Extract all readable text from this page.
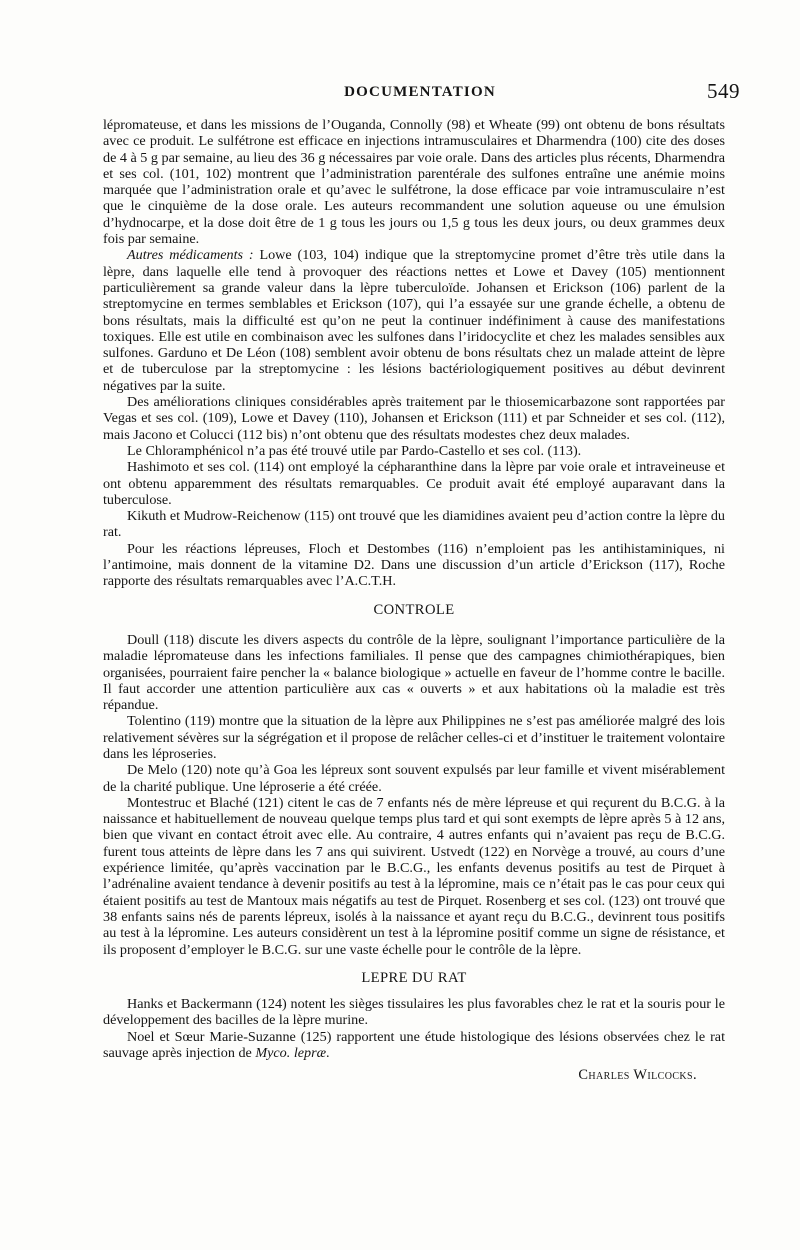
DOCUMENTATION	549

lépromateuse, et dans les missions de l’Ouganda, Connolly (98) et Wheate (99) ont obtenu de bons résultats avec ce produit. Le sulfétrone est efficace en injections intramusculaires et Dharmendra (100) cite des doses de 4 à 5 g par semaine, au lieu des 36 g nécessaires par voie orale. Dans des articles plus récents, Dharmendra et ses col. (101, 102) montrent que l’administration parentérale des sulfones entraîne une anémie moins marquée que l’administration orale et qu’avec le sulfétrone, la dose efficace par voie intramusculaire n’est que le cinquième de la dose orale. Les auteurs recommandent une solution aqueuse ou une émulsion d’hydnocarpe, et la dose doit être de 1 g tous les jours ou 1,5 g tous les deux jours, ou deux grammes deux fois par semaine.

Autres médicaments : Lowe (103, 104) indique que la streptomycine promet d’être très utile dans la lèpre, dans laquelle elle tend à provoquer des réactions nettes et Lowe et Davey (105) mentionnent particulièrement sa grande valeur dans la lèpre tuberculoïde. Johansen et Erickson (106) parlent de la streptomycine en termes semblables et Erickson (107), qui l’a essayée sur une grande échelle, a obtenu de bons résultats, mais la difficulté est qu’on ne peut la continuer indéfiniment à cause des manifestations toxiques. Elle est utile en combinaison avec les sulfones dans l’iridocyclite et chez les malades sensibles aux sulfones. Garduno et De Léon (108) semblent avoir obtenu de bons résultats chez un malade atteint de lèpre et de tuberculose par la streptomycine : les lésions bactériologiquement positives au début devinrent négatives par la suite.

Des améliorations cliniques considérables après traitement par le thiosemicarbazone sont rapportées par Vegas et ses col. (109), Lowe et Davey (110), Johansen et Erickson (111) et par Schneider et ses col. (112), mais Jacono et Colucci (112 bis) n’ont obtenu que des résultats modestes chez deux malades.

Le Chloramphénicol n’a pas été trouvé utile par Pardo-Castello et ses col. (113).

Hashimoto et ses col. (114) ont employé la cépharanthine dans la lèpre par voie orale et intraveineuse et ont obtenu apparemment des résultats remarquables. Ce produit avait été employé auparavant dans la tuberculose.

Kikuth et Mudrow-Reichenow (115) ont trouvé que les diamidines avaient peu d’action contre la lèpre du rat.

Pour les réactions lépreuses, Floch et Destombes (116) n’emploient pas les antihistaminiques, ni l’antimoine, mais donnent de la vitamine D2. Dans une discussion d’un article d’Erickson (117), Roche rapporte des résultats remarquables avec l’A.C.T.H.

CONTROLE

Doull (118) discute les divers aspects du contrôle de la lèpre, soulignant l’importance particulière de la maladie lépromateuse dans les infections familiales. Il pense que des campagnes chimiothérapiques, bien organisées, pourraient faire pencher la « balance biologique » actuelle en faveur de l’homme contre le bacille. Il faut accorder une attention particulière aux cas « ouverts » et aux habitations où la maladie est très répandue.

Tolentino (119) montre que la situation de la lèpre aux Philippines ne s’est pas améliorée malgré des lois relativement sévères sur la ségrégation et il propose de relâcher celles-ci et d’instituer le traitement volontaire dans les léproseries.

De Melo (120) note qu’à Goa les lépreux sont souvent expulsés par leur famille et vivent misérablement de la charité publique. Une léproserie a été créée.

Montestruc et Blaché (121) citent le cas de 7 enfants nés de mère lépreuse et qui reçurent du B.C.G. à la naissance et habituellement de nouveau quelque temps plus tard et qui sont exempts de lèpre après 5 à 12 ans, bien que vivant en contact étroit avec elle. Au contraire, 4 autres enfants qui n’avaient pas reçu de B.C.G. furent tous atteints de lèpre dans les 7 ans qui suivirent. Ustvedt (122) en Norvège a trouvé, au cours d’une expérience limitée, qu’après vaccination par le B.C.G., les enfants devenus positifs au test de Pirquet à l’adrénaline avaient tendance à devenir positifs au test à la lépromine, mais ce n’était pas le cas pour ceux qui étaient positifs au test de Mantoux mais négatifs au test de Pirquet. Rosenberg et ses col. (123) ont trouvé que 38 enfants sains nés de parents lépreux, isolés à la naissance et ayant reçu du B.C.G., devinrent tous positifs au test à la lépromine. Les auteurs considèrent un test à la lépromine positif comme un signe de résistance, et ils proposent d’employer le B.C.G. sur une vaste échelle pour le contrôle de la lèpre.

LEPRE DU RAT

Hanks et Backermann (124) notent les sièges tissulaires les plus favorables chez le rat et la souris pour le développement des bacilles de la lèpre murine.

Noel et Sœur Marie-Suzanne (125) rapportent une étude histologique des lésions observées chez le rat sauvage après injection de Myco. lepræ.

Charles Wilcocks.
